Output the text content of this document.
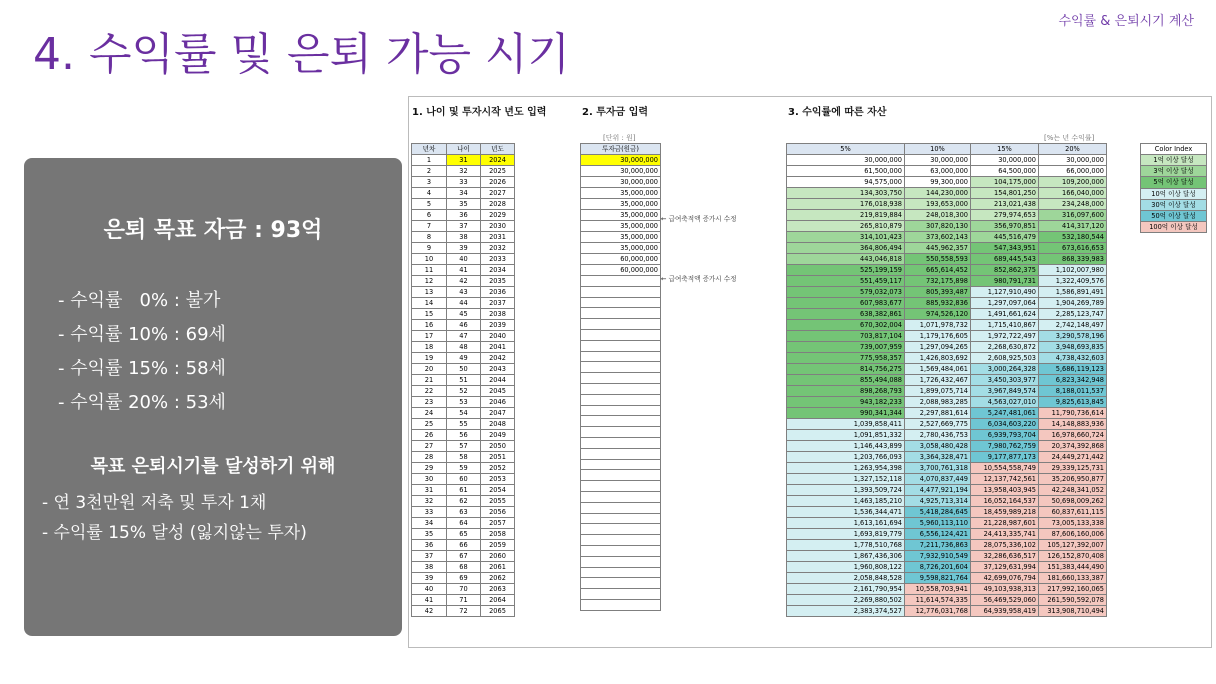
수익률 & 은퇴시기 계산
4. 수익률 및 은퇴 가능 시기
은퇴 목표 자금 : 93억
- 수익률   0% : 불가
- 수익률 10% : 69세
- 수익률 15% : 58세
- 수익률 20% : 53세
목표 은퇴시기를 달성하기 위해
- 연 3천만원 저축 및 투자 1채
- 수익률 15% 달성 (잃지않는 투자)
1. 나이 및 투자시작 년도 입력	2. 투자금 입력	3. 수익률에 따른 자산
[단위 : 원]	[%는 년 수익률]
년차	나이	년도
1	31	2024
2	32	2025
3	33	2026
4	34	2027
5	35	2028
6	36	2029
7	37	2030
8	38	2031
9	39	2032
10	40	2033
11	41	2034
12	42	2035
13	43	2036
14	44	2037
15	45	2038
16	46	2039
17	47	2040
18	48	2041
19	49	2042
20	50	2043
21	51	2044
22	52	2045
23	53	2046
24	54	2047
25	55	2048
26	56	2049
27	57	2050
28	58	2051
29	59	2052
30	60	2053
31	61	2054
32	62	2055
33	63	2056
34	64	2057
35	65	2058
36	66	2059
37	67	2060
38	68	2061
39	69	2062
40	70	2063
41	71	2064
42	72	2065
투자금(원금)
30,000,000
30,000,000
30,000,000
35,000,000
35,000,000
35,000,000
35,000,000
35,000,000
35,000,000
60,000,000
60,000,000

← 급여축적액 증가시 수정
← 급여축적액 증가시 수정
5%	10%	15%	20%
30,000,000	30,000,000	30,000,000	30,000,000
61,500,000	63,000,000	64,500,000	66,000,000
94,575,000	99,300,000	104,175,000	109,200,000
134,303,750	144,230,000	154,801,250	166,040,000
176,018,938	193,653,000	213,021,438	234,248,000
219,819,884	248,018,300	279,974,653	316,097,600
265,810,879	307,820,130	356,970,851	414,317,120
314,101,423	373,602,143	445,516,479	532,180,544
364,806,494	445,962,357	547,343,951	673,616,653
443,046,818	550,558,593	689,445,543	868,339,983
525,199,159	665,614,452	852,862,375	1,102,007,980
551,459,117	732,175,898	980,791,731	1,322,409,576
579,032,073	805,393,487	1,127,910,490	1,586,891,491
607,983,677	885,932,836	1,297,097,064	1,904,269,789
638,382,861	974,526,120	1,491,661,624	2,285,123,747
670,302,004	1,071,978,732	1,715,410,867	2,742,148,497
703,817,104	1,179,176,605	1,972,722,497	3,290,578,196
739,007,959	1,297,094,265	2,268,630,872	3,948,693,835
775,958,357	1,426,803,692	2,608,925,503	4,738,432,603
814,756,275	1,569,484,061	3,000,264,328	5,686,119,123
855,494,088	1,726,432,467	3,450,303,977	6,823,342,948
898,268,793	1,899,075,714	3,967,849,574	8,188,011,537
943,182,233	2,088,983,285	4,563,027,010	9,825,613,845
990,341,344	2,297,881,614	5,247,481,061	11,790,736,614
1,039,858,411	2,527,669,775	6,034,603,220	14,148,883,936
1,091,851,332	2,780,436,753	6,939,793,704	16,978,660,724
1,146,443,899	3,058,480,428	7,980,762,759	20,374,392,868
1,203,766,093	3,364,328,471	9,177,877,173	24,449,271,442
1,263,954,398	3,700,761,318	10,554,558,749	29,339,125,731
1,327,152,118	4,070,837,449	12,137,742,561	35,206,950,877
1,393,509,724	4,477,921,194	13,958,403,945	42,248,341,052
1,463,185,210	4,925,713,314	16,052,164,537	50,698,009,262
1,536,344,471	5,418,284,645	18,459,989,218	60,837,611,115
1,613,161,694	5,960,113,110	21,228,987,601	73,005,133,338
1,693,819,779	6,556,124,421	24,413,335,741	87,606,160,006
1,778,510,768	7,211,736,863	28,075,336,102	105,127,392,007
1,867,436,306	7,932,910,549	32,286,636,517	126,152,870,408
1,960,808,122	8,726,201,604	37,129,631,994	151,383,444,490
2,058,848,528	9,598,821,764	42,699,076,794	181,660,133,387
2,161,790,954	10,558,703,941	49,103,938,313	217,992,160,065
2,269,880,502	11,614,574,335	56,469,529,060	261,590,592,078
2,383,374,527	12,776,031,768	64,939,958,419	313,908,710,494
Color Index
1억 이상 달성
3억 이상 달성
5억 이상 달성
10억 이상 달성
30억 이상 달성
50억 이상 달성
100억 이상 달성
